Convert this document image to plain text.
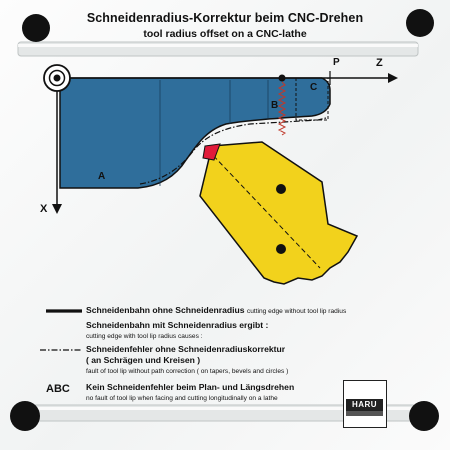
Schneidenradius-Korrektur beim CNC-Drehen
tool radius offset on a CNC-lathe
Z
X
P
A
B
C
Schneidenbahn ohne Schneidenradius cutting edge without tool lip radius
Schneidenbahn mit Schneidenradius ergibt :
cutting edge with tool lip radius causes :
Schneidenfehler ohne Schneidenradiuskorrektur
( an Schrägen und Kreisen )
fault of tool lip without path correction ( on tapers, bevels and circles )
ABC Kein Schneidenfehler beim Plan- und Längsdrehen
no fault of tool lip when facing and cutting longitudinally on a lathe
HARU
